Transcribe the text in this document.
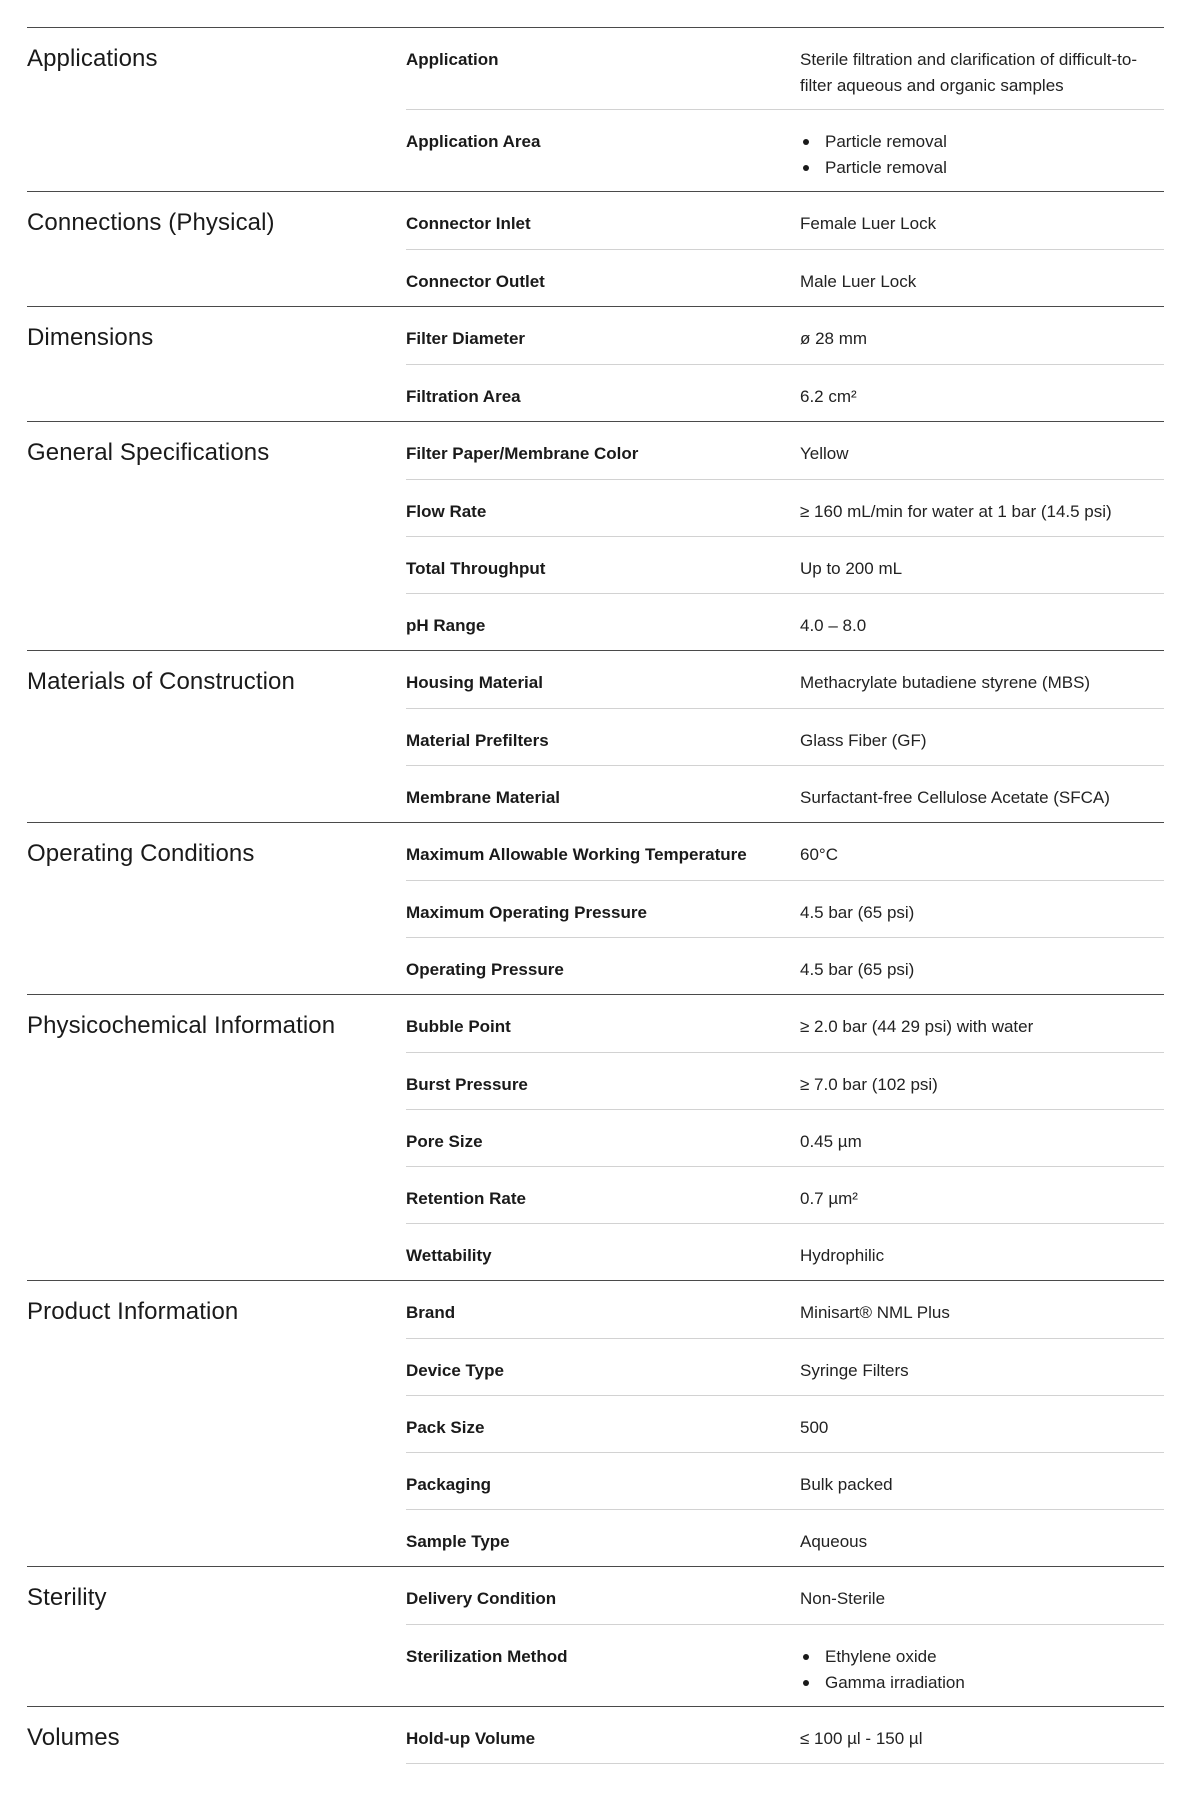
Applications	Application	Sterile filtration and clarification of difficult-to-filter aqueous and organic samples
Application Area	Particle removal
Particle removal
Connections (Physical)	Connector Inlet	Female Luer Lock
Connector Outlet	Male Luer Lock
Dimensions	Filter Diameter	ø 28 mm
Filtration Area	6.2 cm²
General Specifications	Filter Paper/Membrane Color	Yellow
Flow Rate	≥ 160 mL/min for water at 1 bar (14.5 psi)
Total Throughput	Up to 200 mL
pH Range	4.0 – 8.0
Materials of Construction	Housing Material	Methacrylate butadiene styrene (MBS)
Material Prefilters	Glass Fiber (GF)
Membrane Material	Surfactant-free Cellulose Acetate (SFCA)
Operating Conditions	Maximum Allowable Working Temperature	60°C
Maximum Operating Pressure	4.5 bar (65 psi)
Operating Pressure	4.5 bar (65 psi)
Physicochemical Information	Bubble Point	≥ 2.0 bar (44 29 psi) with water
Burst Pressure	≥ 7.0 bar (102 psi)
Pore Size	0.45 µm
Retention Rate	0.7 µm²
Wettability	Hydrophilic
Product Information	Brand	Minisart® NML Plus
Device Type	Syringe Filters
Pack Size	500
Packaging	Bulk packed
Sample Type	Aqueous
Sterility	Delivery Condition	Non-Sterile
Sterilization Method	Ethylene oxide
Gamma irradiation
Volumes	Hold-up Volume	≤ 100 µl - 150 µl
